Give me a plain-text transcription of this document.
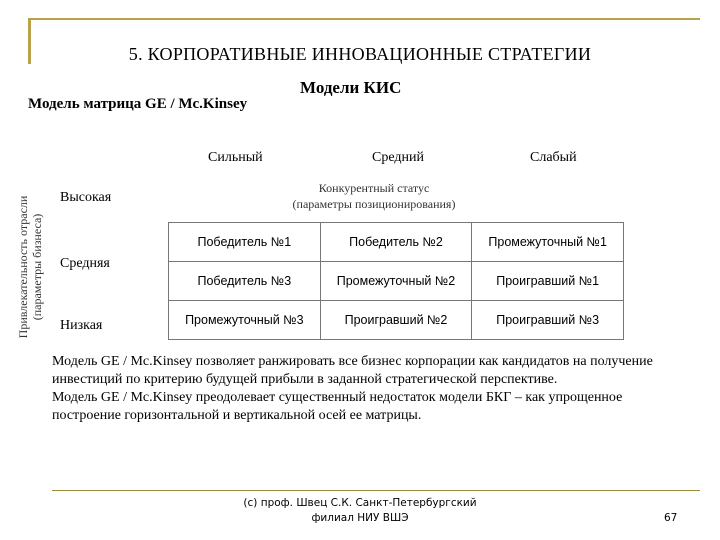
5. КОРПОРАТИВНЫЕ ИННОВАЦИОННЫЕ СТРАТЕГИИ
Модели КИС
Модель матрица GE / Mc.Kinsey
Сильный	Средний	Слабый
Конкурентный статус
(параметры позиционирования)
Привлекательность отрасли (параметры бизнеса)
Высокая
Средняя
Низкая
Победитель №1	Победитель №2	Промежуточный №1
Победитель №3	Промежуточный №2	Проигравший №1
Промежуточный №3	Проигравший №2	Проигравший №3

Модель GE / Mc.Kinsey позволяет ранжировать все бизнес корпорации как кандидатов на получение инвестиций по критерию будущей прибыли в заданной стратегической перспективе.

Модель GE / Mc.Kinsey преодолевает существенный недостаток модели БКГ – как упрощенное построение горизонтальной и вертикальной осей ее матрицы.

(с) проф. Швец С.К. Санкт-Петербургский
филиал НИУ ВШЭ	67
